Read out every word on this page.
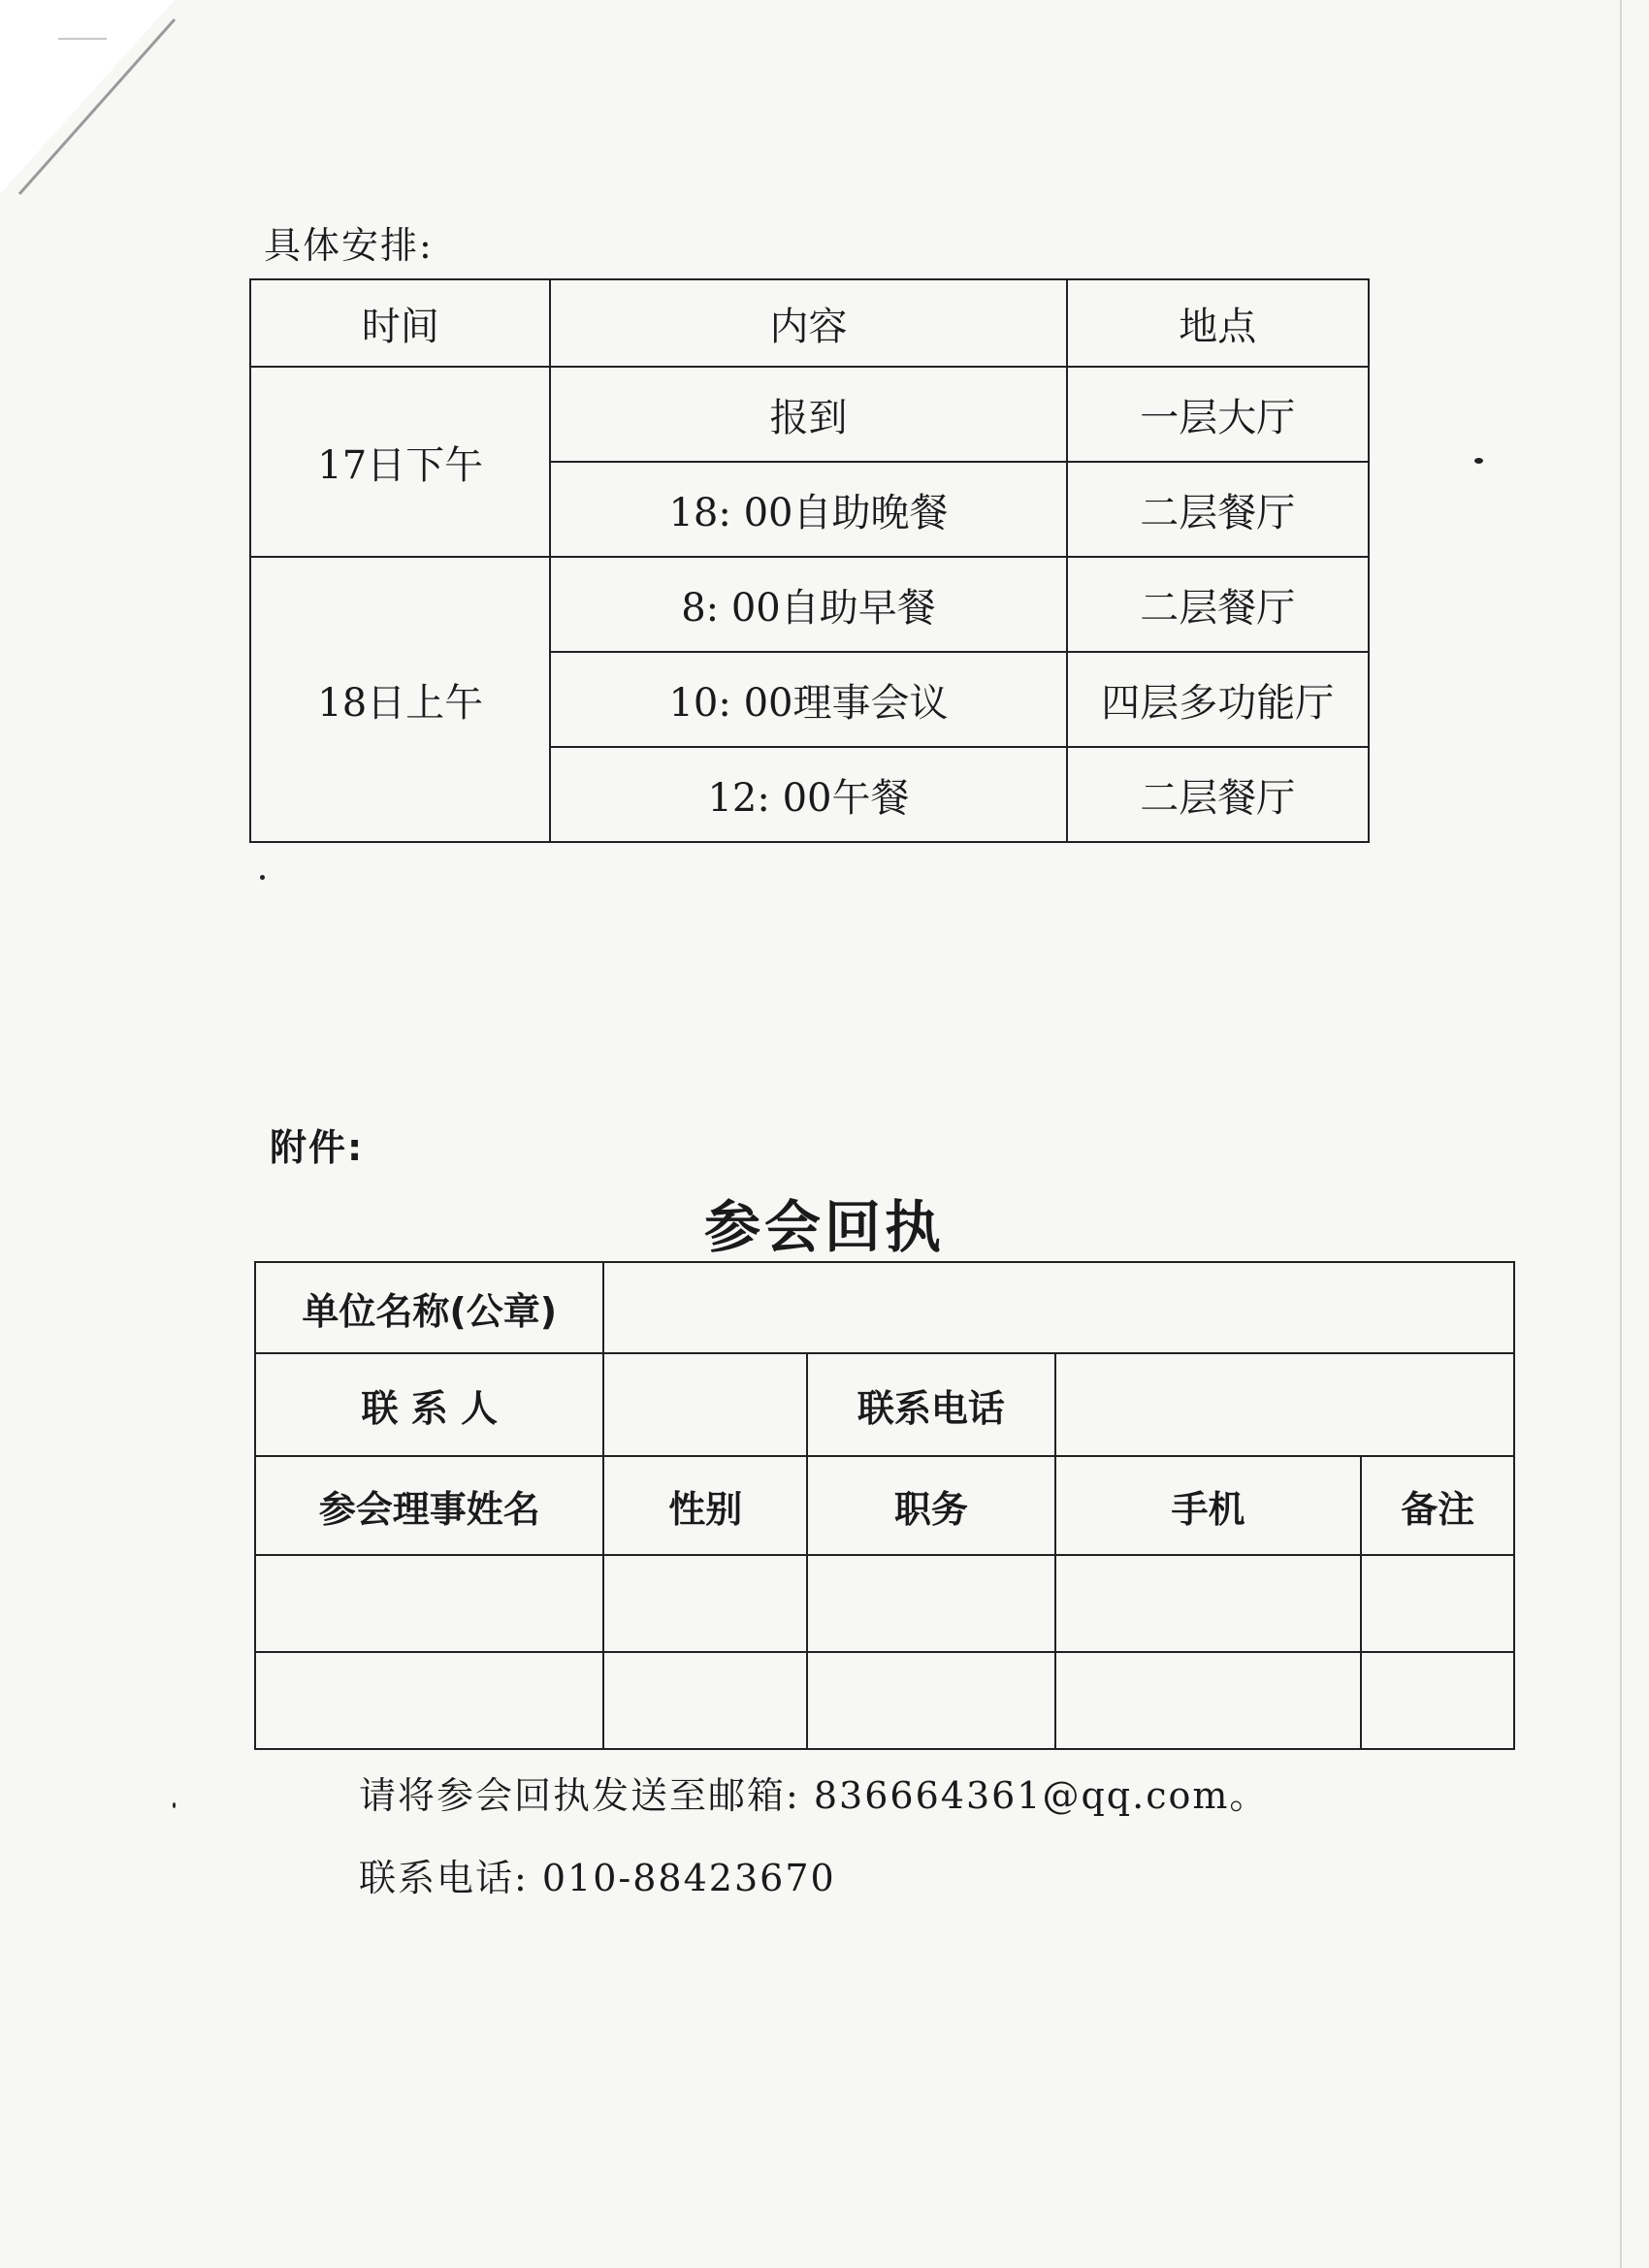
具体安排:
时间	内容	地点
17日下午	报到	一层大厅
	18: 00自助晚餐	二层餐厅
18日上午	8: 00自助早餐	二层餐厅
	10: 00理事会议	四层多功能厅
	12: 00午餐	二层餐厅
附件:
参会回执
单位名称(公章)				
联 系 人		联系电话		
参会理事姓名	性别	职务	手机	备注

请将参会回执发送至邮箱: 836664361@qq.com。
联系电话: 010-88423670
